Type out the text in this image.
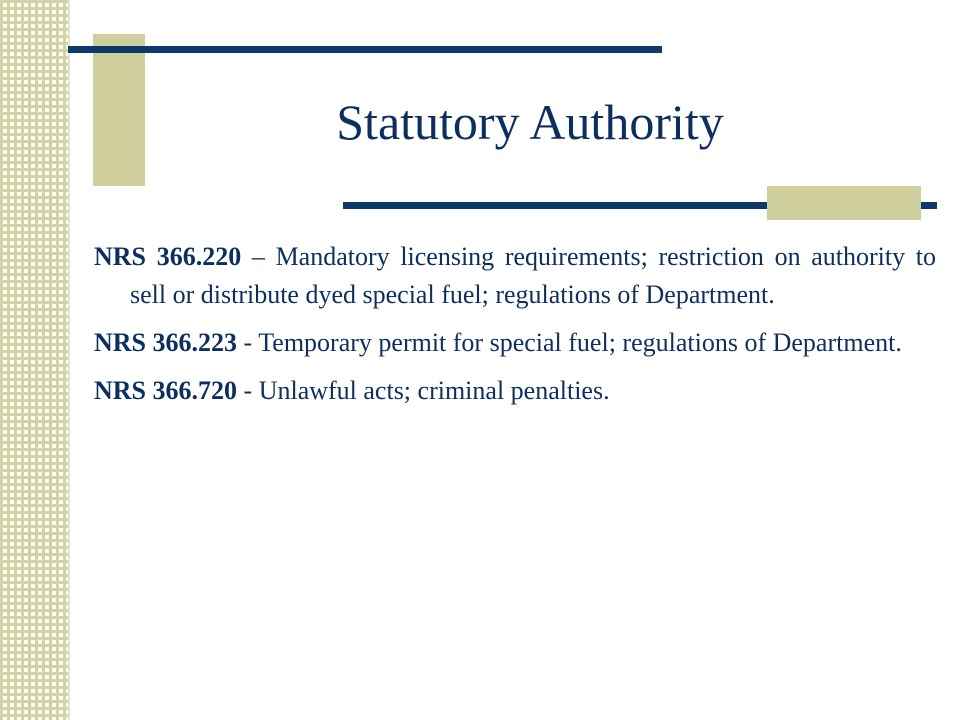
Statutory Authority

NRS 366.220 – Mandatory licensing requirements; restriction on authority to sell or distribute dyed special fuel; regulations of Department.

NRS 366.223 - Temporary permit for special fuel; regulations of Department.

NRS 366.720 - Unlawful acts; criminal penalties.
